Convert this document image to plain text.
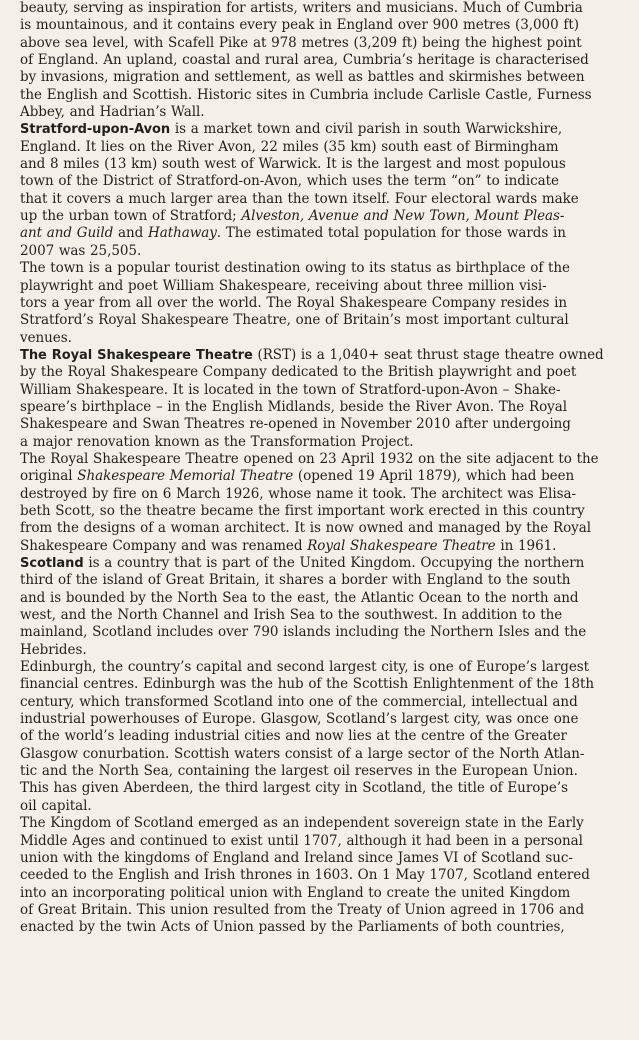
beauty, serving as inspiration for artists, writers and musicians. Much of Cumbria
is mountainous, and it contains every peak in England over 900 metres (3,000 ft)
above sea level, with Scafell Pike at 978 metres (3,209 ft) being the highest point
of England. An upland, coastal and rural area, Cumbria’s heritage is characterised
by invasions, migration and settlement, as well as battles and skirmishes between
the English and Scottish. Historic sites in Cumbria include Carlisle Castle, Furness
Abbey, and Hadrian’s Wall.

Stratford-upon-Avon is a market town and civil parish in south Warwickshire,
England. It lies on the River Avon, 22 miles (35 km) south east of Birmingham
and 8 miles (13 km) south west of Warwick. It is the largest and most populous
town of the District of Stratford-on-Avon, which uses the term “on” to indicate
that it covers a much larger area than the town itself. Four electoral wards make
up the urban town of Stratford; Alveston, Avenue and New Town, Mount Pleas-
ant and Guild and Hathaway. The estimated total population for those wards in
2007 was 25,505.

The town is a popular tourist destination owing to its status as birthplace of the
playwright and poet William Shakespeare, receiving about three million visi-
tors a year from all over the world. The Royal Shakespeare Company resides in
Stratford’s Royal Shakespeare Theatre, one of Britain’s most important cultural
venues.

The Royal Shakespeare Theatre (RST) is a 1,040+ seat thrust stage theatre owned
by the Royal Shakespeare Company dedicated to the British playwright and poet
William Shakespeare. It is located in the town of Stratford-upon-Avon – Shake-
speare’s birthplace – in the English Midlands, beside the River Avon. The Royal
Shakespeare and Swan Theatres re-opened in November 2010 after undergoing
a major renovation known as the Transformation Project.

The Royal Shakespeare Theatre opened on 23 April 1932 on the site adjacent to the
original Shakespeare Memorial Theatre (opened 19 April 1879), which had been
destroyed by fire on 6 March 1926, whose name it took. The architect was Elisa-
beth Scott, so the theatre became the first important work erected in this country
from the designs of a woman architect. It is now owned and managed by the Royal
Shakespeare Company and was renamed Royal Shakespeare Theatre in 1961.

Scotland is a country that is part of the United Kingdom. Occupying the northern
third of the island of Great Britain, it shares a border with England to the south
and is bounded by the North Sea to the east, the Atlantic Ocean to the north and
west, and the North Channel and Irish Sea to the southwest. In addition to the
mainland, Scotland includes over 790 islands including the Northern Isles and the
Hebrides.

Edinburgh, the country’s capital and second largest city, is one of Europe’s largest
financial centres. Edinburgh was the hub of the Scottish Enlightenment of the 18th
century, which transformed Scotland into one of the commercial, intellectual and
industrial powerhouses of Europe. Glasgow, Scotland’s largest city, was once one
of the world’s leading industrial cities and now lies at the centre of the Greater
Glasgow conurbation. Scottish waters consist of a large sector of the North Atlan-
tic and the North Sea, containing the largest oil reserves in the European Union.
This has given Aberdeen, the third largest city in Scotland, the title of Europe’s
oil capital.

The Kingdom of Scotland emerged as an independent sovereign state in the Early
Middle Ages and continued to exist until 1707, although it had been in a personal
union with the kingdoms of England and Ireland since James VI of Scotland suc-
ceeded to the English and Irish thrones in 1603. On 1 May 1707, Scotland entered
into an incorporating political union with England to create the united Kingdom
of Great Britain. This union resulted from the Treaty of Union agreed in 1706 and
enacted by the twin Acts of Union passed by the Parliaments of both countries,
